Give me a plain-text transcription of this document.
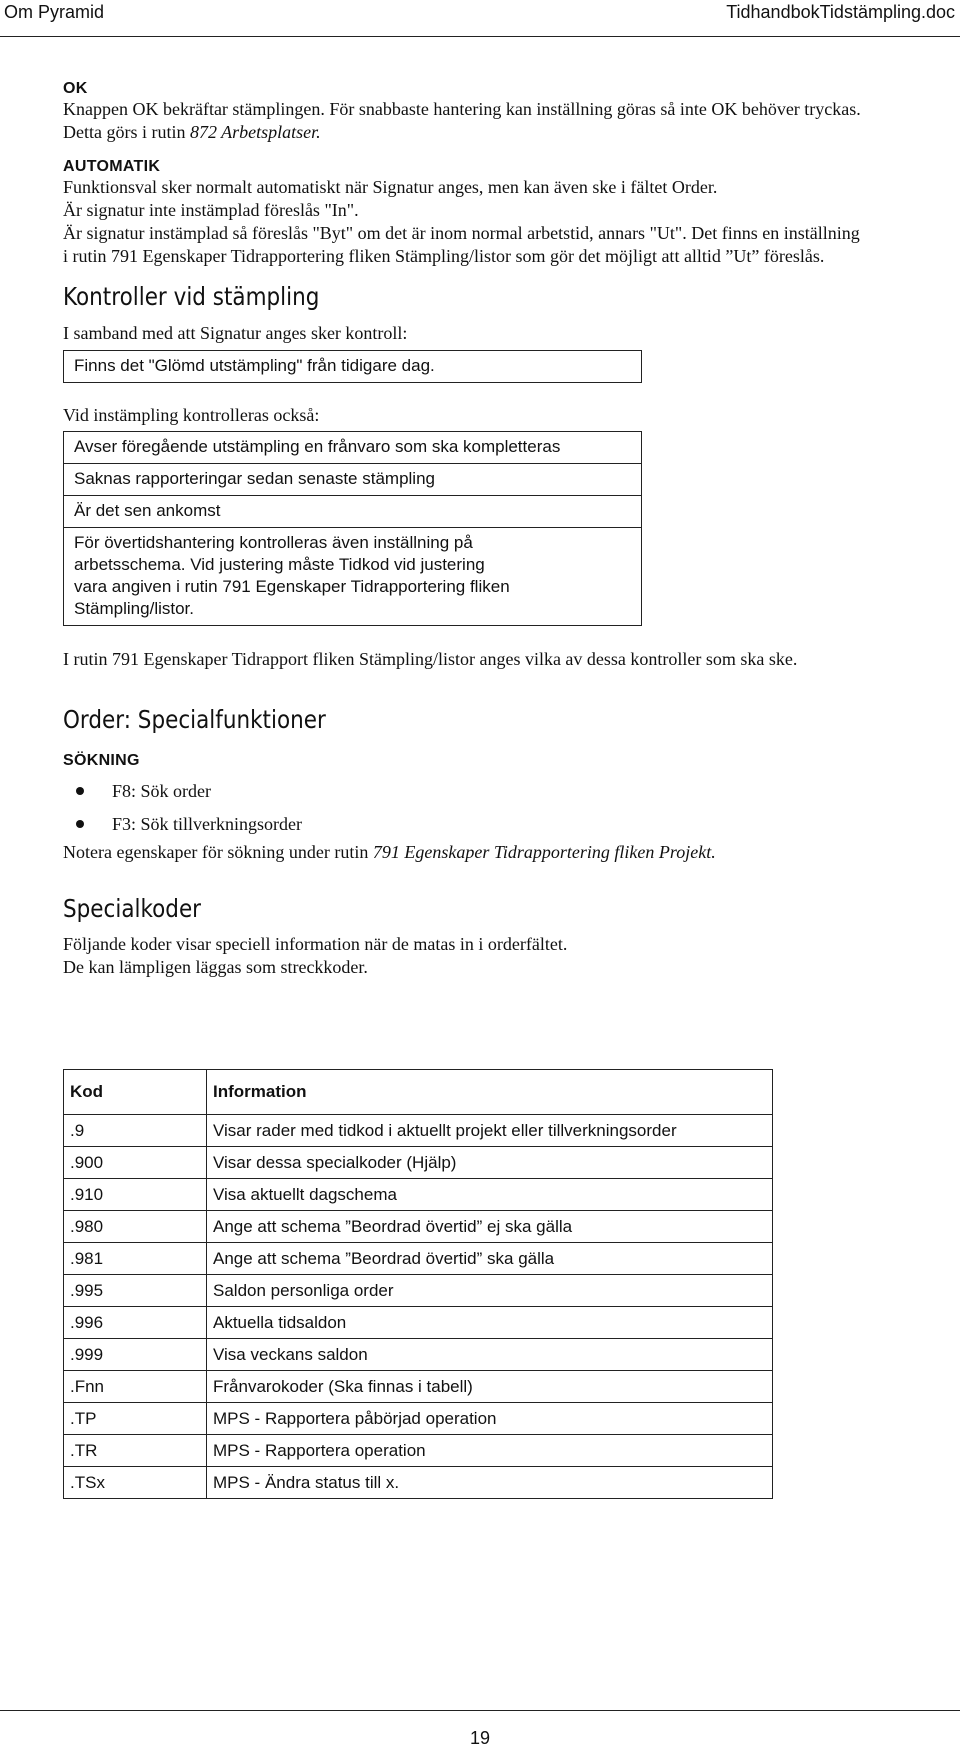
Om Pyramid	TidhandbokTidstämpling.doc
OK
Knappen OK bekräftar stämplingen. För snabbaste hantering kan inställning göras så inte OK behöver tryckas. Detta görs i rutin 872 Arbetsplatser.
AUTOMATIK
Funktionsval sker normalt automatiskt när Signatur anges, men kan även ske i fältet Order.
Är signatur inte instämplad föreslås "In".
Är signatur instämplad så föreslås "Byt" om det är inom normal arbetstid, annars "Ut". Det finns en inställning i rutin 791 Egenskaper Tidrapportering fliken Stämpling/listor som gör det möjligt att alltid ”Ut” föreslås.
Kontroller vid stämpling
I samband med att Signatur anges sker kontroll:
Finns det "Glömd utstämpling" från tidigare dag.
Vid instämpling kontrolleras också:
Avser föregående utstämpling en frånvaro som ska kompletteras
Saknas rapporteringar sedan senaste stämpling
Är det sen ankomst
För övertidshantering kontrolleras även inställning på arbetsschema. Vid justering måste Tidkod vid justering vara angiven i rutin 791 Egenskaper Tidrapportering fliken Stämpling/listor.
I rutin 791 Egenskaper Tidrapport fliken Stämpling/listor anges vilka av dessa kontroller som ska ske.
Order: Specialfunktioner
SÖKNING
F8: Sök order
F3: Sök tillverkningsorder
Notera egenskaper för sökning under rutin 791 Egenskaper Tidrapportering fliken Projekt.
Specialkoder
Följande koder visar speciell information när de matas in i orderfältet.
De kan lämpligen läggas som streckkoder.
Kod	Information
.9	Visar rader med tidkod i aktuellt projekt eller tillverkningsorder
.900	Visar dessa specialkoder (Hjälp)
.910	Visa aktuellt dagschema
.980	Ange att schema ”Beordrad övertid” ej ska gälla
.981	Ange att schema ”Beordrad övertid” ska gälla
.995	Saldon personliga order
.996	Aktuella tidsaldon
.999	Visa veckans saldon
.Fnn	Frånvarokoder (Ska finnas i tabell)
.TP	MPS - Rapportera påbörjad operation
.TR	MPS - Rapportera operation
.TSx	MPS - Ändra status till x.
19
